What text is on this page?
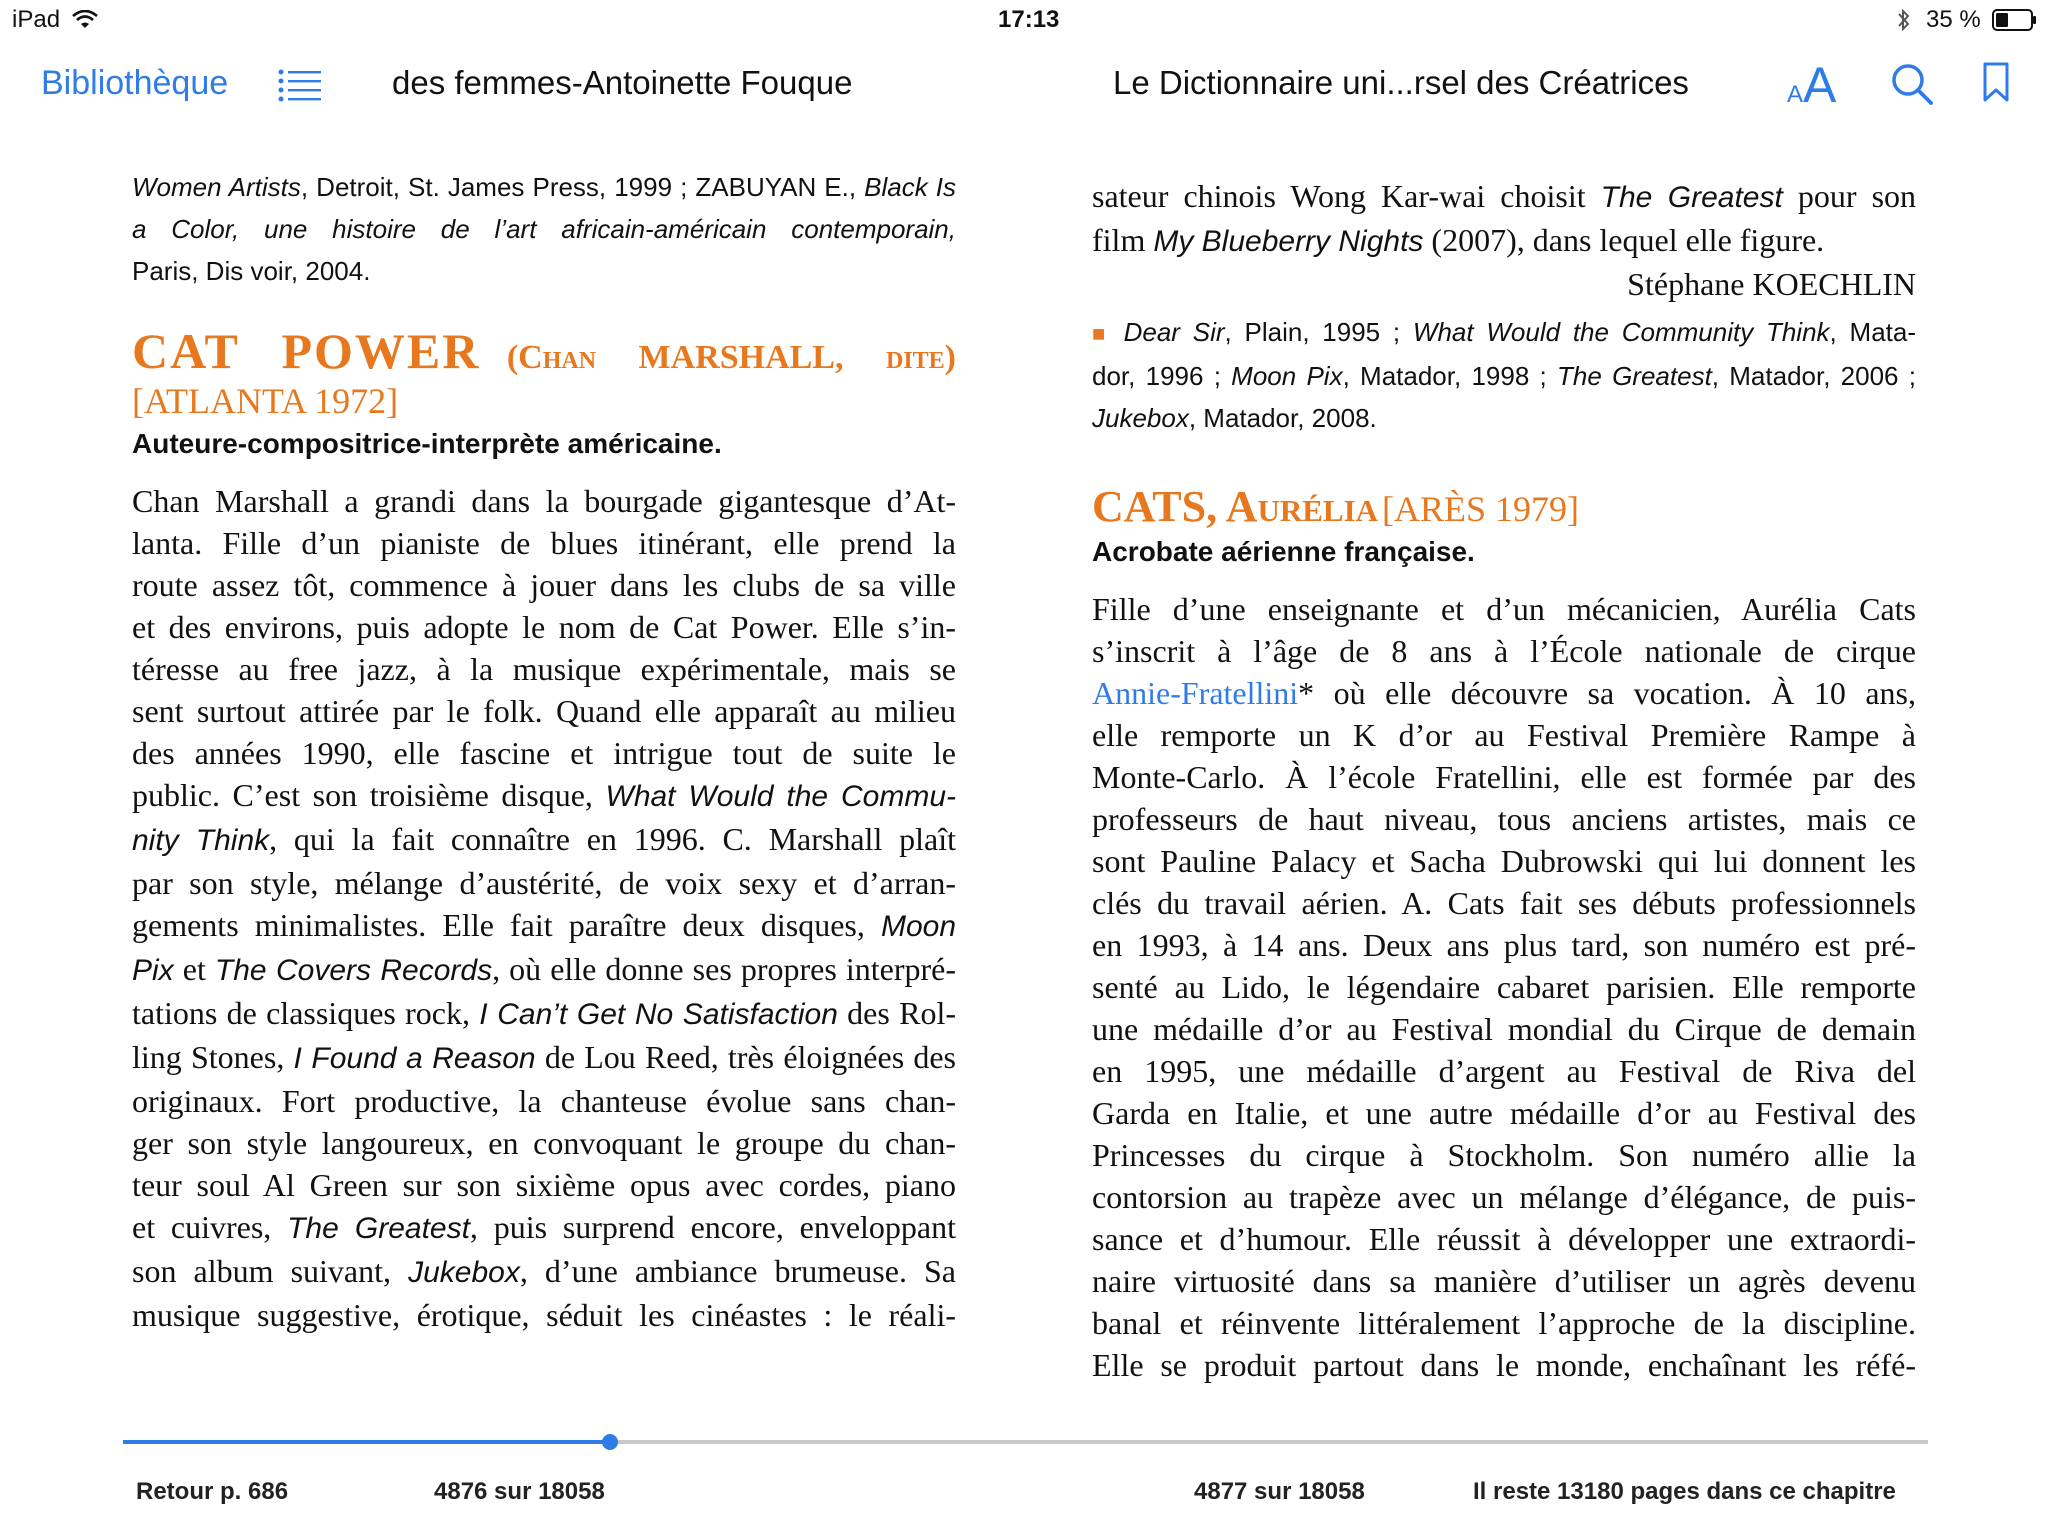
iPad	17:13	35 %
Bibliothèque	des femmes-Antoinette Fouque	Le Dictionnaire uni...rsel des Créatrices	AA
Women Artists, Detroit, St. James Press, 1999 ; ZABUYAN E., Black Is
a Color, une histoire de l’art africain-américain contemporain,
Paris, Dis voir, 2004.
CAT POWER (Chan MARSHALL, dite)
[ATLANTA 1972]
Auteure-compositrice-interprète américaine.
Chan Marshall a grandi dans la bourgade gigantesque d’At-
lanta. Fille d’un pianiste de blues itinérant, elle prend la
route assez tôt, commence à jouer dans les clubs de sa ville
et des environs, puis adopte le nom de Cat Power. Elle s’in-
téresse au free jazz, à la musique expérimentale, mais se
sent surtout attirée par le folk. Quand elle apparaît au milieu
des années 1990, elle fascine et intrigue tout de suite le
public. C’est son troisième disque, What Would the Commu-
nity Think, qui la fait connaître en 1996. C. Marshall plaît
par son style, mélange d’austérité, de voix sexy et d’arran-
gements minimalistes. Elle fait paraître deux disques, Moon
Pix et The Covers Records, où elle donne ses propres interpré-
tations de classiques rock, I Can’t Get No Satisfaction des Rol-
ling Stones, I Found a Reason de Lou Reed, très éloignées des
originaux. Fort productive, la chanteuse évolue sans chan-
ger son style langoureux, en convoquant le groupe du chan-
teur soul Al Green sur son sixième opus avec cordes, piano
et cuivres, The Greatest, puis surprend encore, enveloppant
son album suivant, Jukebox, d’une ambiance brumeuse. Sa
musique suggestive, érotique, séduit les cinéastes : le réali-
sateur chinois Wong Kar-wai choisit The Greatest pour son
film My Blueberry Nights (2007), dans lequel elle figure.
Stéphane KOECHLIN
■ Dear Sir, Plain, 1995 ; What Would the Community Think, Mata-
dor, 1996 ; Moon Pix, Matador, 1998 ; The Greatest, Matador, 2006 ;
Jukebox, Matador, 2008.
CATS, Aurélia [ARÈS 1979]
Acrobate aérienne française.
Fille d’une enseignante et d’un mécanicien, Aurélia Cats
s’inscrit à l’âge de 8 ans à l’École nationale de cirque
Annie-Fratellini* où elle découvre sa vocation. À 10 ans,
elle remporte un K d’or au Festival Première Rampe à
Monte-Carlo. À l’école Fratellini, elle est formée par des
professeurs de haut niveau, tous anciens artistes, mais ce
sont Pauline Palacy et Sacha Dubrowski qui lui donnent les
clés du travail aérien. A. Cats fait ses débuts professionnels
en 1993, à 14 ans. Deux ans plus tard, son numéro est pré-
senté au Lido, le légendaire cabaret parisien. Elle remporte
une médaille d’or au Festival mondial du Cirque de demain
en 1995, une médaille d’argent au Festival de Riva del
Garda en Italie, et une autre médaille d’or au Festival des
Princesses du cirque à Stockholm. Son numéro allie la
contorsion au trapèze avec un mélange d’élégance, de puis-
sance et d’humour. Elle réussit à développer une extraordi-
naire virtuosité dans sa manière d’utiliser un agrès devenu
banal et réinvente littéralement l’approche de la discipline.
Elle se produit partout dans le monde, enchaînant les réfé-
Retour p. 686	4876 sur 18058	4877 sur 18058	Il reste 13180 pages dans ce chapitre
